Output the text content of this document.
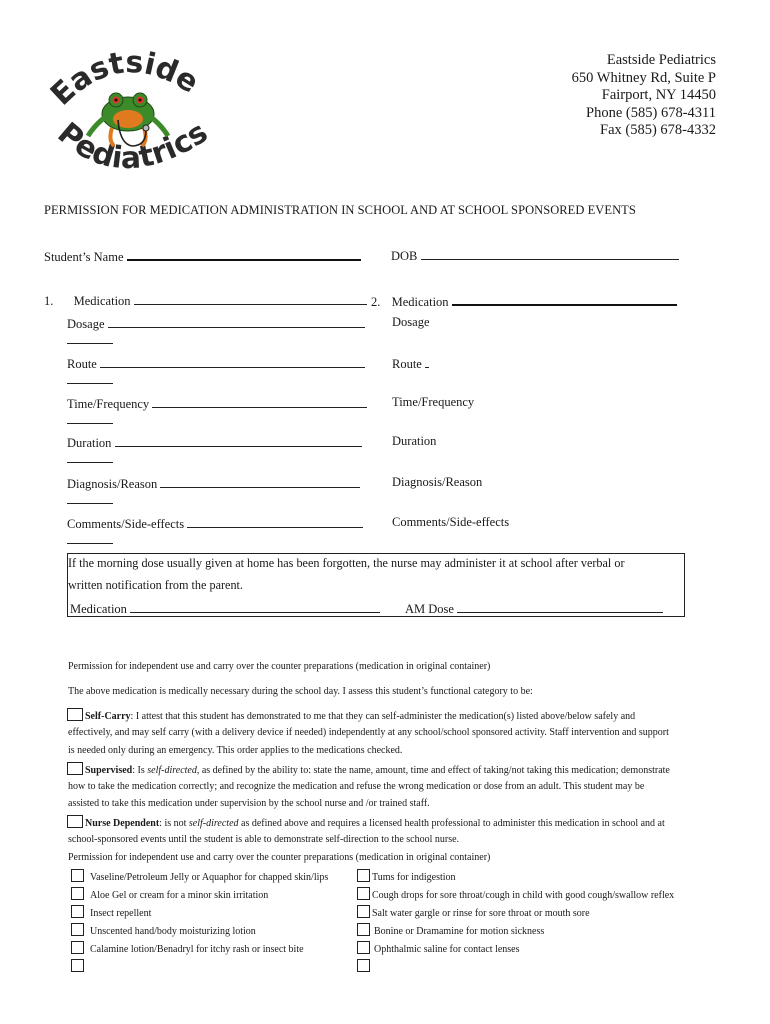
astside
Pediatric
Eastside Pediatrics
650 Whitney Rd, Suite P
Fairport, NY 14450
Phone (585) 678-4311
Fax (585) 678-4332
PERMISSION FOR MEDICATION ADMINISTRATION IN SCHOOL AND AT SCHOOL SPONSORED EVENTS
Student’s Name	DOB
1. Medication
Dosage
Route
Time/Frequency
Duration
Diagnosis/Reason
Comments/Side-effects
2. Medication
Dosage
Route
Time/Frequency
Duration
Diagnosis/Reason
Comments/Side-effects
If the morning dose usually given at home has been forgotten, the nurse may administer it at school after verbal or
written notification from the parent.
Medication	AM Dose
Permission for independent use and carry over the counter preparations (medication in original container)
The above medication is medically necessary during the school day. I assess this student’s functional category to be:
Self-Carry: I attest that this student has demonstrated to me that they can self-administer the medication(s) listed above/below safely and
effectively, and may self carry (with a delivery device if needed) independently at any school/school sponsored activity. Staff intervention and support
is needed only during an emergency. This order applies to the medications checked.
Supervised: Is self-directed, as defined by the ability to: state the name, amount, time and effect of taking/not taking this medication; demonstrate
how to take the medication correctly; and recognize the medication and refuse the wrong medication or dose from an adult. This student may be
assisted to take this medication under supervision by the school nurse and /or trained staff.
Nurse Dependent: is not self-directed as defined above and requires a licensed health professional to administer this medication in school and at
school-sponsored events until the student is able to demonstrate self-direction to the school nurse.
Permission for independent use and carry over the counter preparations (medication in original container)
Vaseline/Petroleum Jelly or Aquaphor for chapped skin/lips
Aloe Gel or cream for a minor skin irritation
Insect repellent
Unscented hand/body moisturizing lotion
Calamine lotion/Benadryl for itchy rash or insect bite
Tums for indigestion
Cough drops for sore throat/cough in child with good cough/swallow reflex
Salt water gargle or rinse for sore throat or mouth sore
Bonine or Dramamine for motion sickness
Ophthalmic saline for contact lenses
